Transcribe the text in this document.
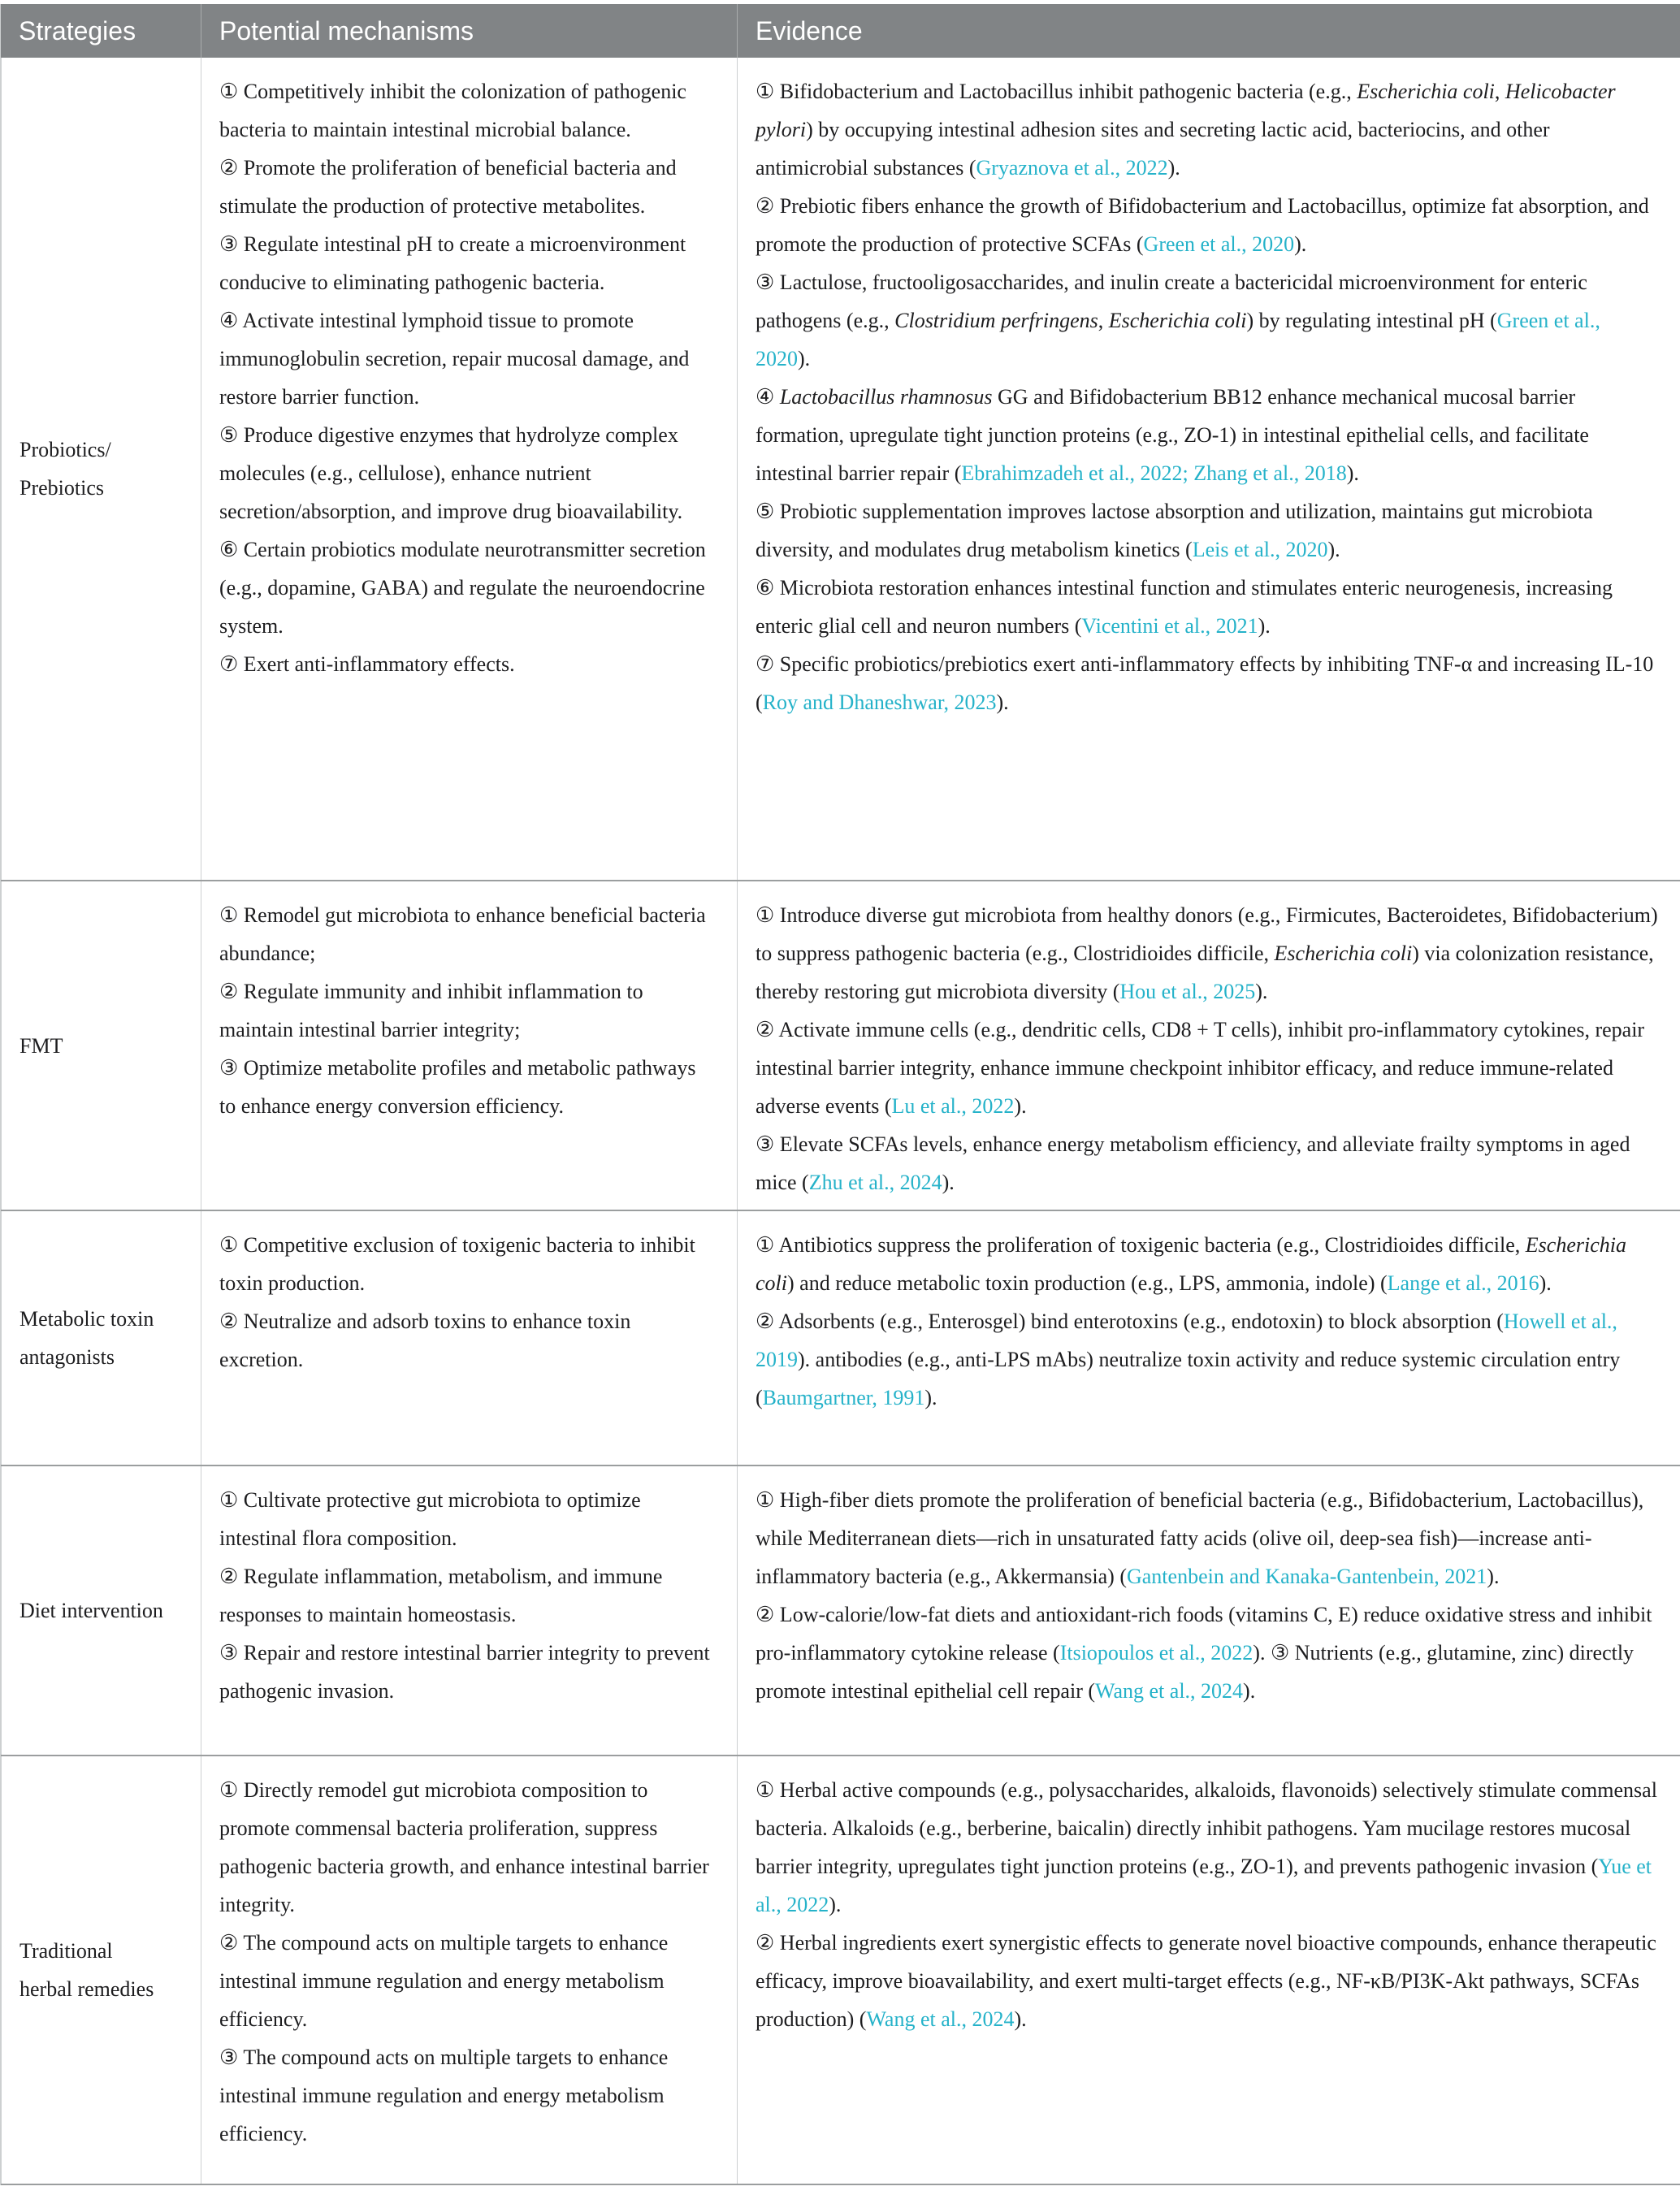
Strategies	Potential mechanisms	Evidence
Probiotics/
Prebiotics
① Competitively inhibit the colonization of pathogenic bacteria to maintain intestinal microbial balance.
② Promote the proliferation of beneficial bacteria and stimulate the production of protective metabolites.
③ Regulate intestinal pH to create a microenvironment conducive to eliminating pathogenic bacteria.
④ Activate intestinal lymphoid tissue to promote immunoglobulin secretion, repair mucosal damage, and restore barrier function.
⑤ Produce digestive enzymes that hydrolyze complex molecules (e.g., cellulose), enhance nutrient secretion/absorption, and improve drug bioavailability.
⑥ Certain probiotics modulate neurotransmitter secretion (e.g., dopamine, GABA) and regulate the neuroendocrine system.
⑦ Exert anti-inflammatory effects.
① Bifidobacterium and Lactobacillus inhibit pathogenic bacteria (e.g., Escherichia coli, Helicobacter pylori) by occupying intestinal adhesion sites and secreting lactic acid, bacteriocins, and other antimicrobial substances (Gryaznova et al., 2022).
② Prebiotic fibers enhance the growth of Bifidobacterium and Lactobacillus, optimize fat absorption, and promote the production of protective SCFAs (Green et al., 2020).
③ Lactulose, fructooligosaccharides, and inulin create a bactericidal microenvironment for enteric pathogens (e.g., Clostridium perfringens, Escherichia coli) by regulating intestinal pH (Green et al., 2020).
④ Lactobacillus rhamnosus GG and Bifidobacterium BB12 enhance mechanical mucosal barrier formation, upregulate tight junction proteins (e.g., ZO-1) in intestinal epithelial cells, and facilitate intestinal barrier repair (Ebrahimzadeh et al., 2022; Zhang et al., 2018).
⑤ Probiotic supplementation improves lactose absorption and utilization, maintains gut microbiota diversity, and modulates drug metabolism kinetics (Leis et al., 2020).
⑥ Microbiota restoration enhances intestinal function and stimulates enteric neurogenesis, increasing enteric glial cell and neuron numbers (Vicentini et al., 2021).
⑦ Specific probiotics/prebiotics exert anti-inflammatory effects by inhibiting TNF-α and increasing IL-10 (Roy and Dhaneshwar, 2023).
FMT
① Remodel gut microbiota to enhance beneficial bacteria abundance;
② Regulate immunity and inhibit inflammation to maintain intestinal barrier integrity;
③ Optimize metabolite profiles and metabolic pathways to enhance energy conversion efficiency.
① Introduce diverse gut microbiota from healthy donors (e.g., Firmicutes, Bacteroidetes, Bifidobacterium) to suppress pathogenic bacteria (e.g., Clostridioides difficile, Escherichia coli) via colonization resistance, thereby restoring gut microbiota diversity (Hou et al., 2025).
② Activate immune cells (e.g., dendritic cells, CD8 + T cells), inhibit pro-inflammatory cytokines, repair intestinal barrier integrity, enhance immune checkpoint inhibitor efficacy, and reduce immune-related adverse events (Lu et al., 2022).
③ Elevate SCFAs levels, enhance energy metabolism efficiency, and alleviate frailty symptoms in aged mice (Zhu et al., 2024).
Metabolic toxin
antagonists
① Competitive exclusion of toxigenic bacteria to inhibit toxin production.
② Neutralize and adsorb toxins to enhance toxin excretion.
① Antibiotics suppress the proliferation of toxigenic bacteria (e.g., Clostridioides difficile, Escherichia coli) and reduce metabolic toxin production (e.g., LPS, ammonia, indole) (Lange et al., 2016).
② Adsorbents (e.g., Enterosgel) bind enterotoxins (e.g., endotoxin) to block absorption (Howell et al., 2019). antibodies (e.g., anti-LPS mAbs) neutralize toxin activity and reduce systemic circulation entry (Baumgartner, 1991).
Diet intervention
① Cultivate protective gut microbiota to optimize intestinal flora composition.
② Regulate inflammation, metabolism, and immune responses to maintain homeostasis.
③ Repair and restore intestinal barrier integrity to prevent pathogenic invasion.
① High-fiber diets promote the proliferation of beneficial bacteria (e.g., Bifidobacterium, Lactobacillus), while Mediterranean diets—rich in unsaturated fatty acids (olive oil, deep-sea fish)—increase anti-inflammatory bacteria (e.g., Akkermansia) (Gantenbein and Kanaka-Gantenbein, 2021).
② Low-calorie/low-fat diets and antioxidant-rich foods (vitamins C, E) reduce oxidative stress and inhibit pro-inflammatory cytokine release (Itsiopoulos et al., 2022). ③ Nutrients (e.g., glutamine, zinc) directly promote intestinal epithelial cell repair (Wang et al., 2024).
Traditional
herbal remedies
① Directly remodel gut microbiota composition to promote commensal bacteria proliferation, suppress pathogenic bacteria growth, and enhance intestinal barrier integrity.
② The compound acts on multiple targets to enhance intestinal immune regulation and energy metabolism efficiency.
③ The compound acts on multiple targets to enhance intestinal immune regulation and energy metabolism efficiency.
① Herbal active compounds (e.g., polysaccharides, alkaloids, flavonoids) selectively stimulate commensal bacteria. Alkaloids (e.g., berberine, baicalin) directly inhibit pathogens. Yam mucilage restores mucosal barrier integrity, upregulates tight junction proteins (e.g., ZO-1), and prevents pathogenic invasion (Yue et al., 2022).
② Herbal ingredients exert synergistic effects to generate novel bioactive compounds, enhance therapeutic efficacy, improve bioavailability, and exert multi-target effects (e.g., NF-κB/PI3K-Akt pathways, SCFAs production) (Wang et al., 2024).
